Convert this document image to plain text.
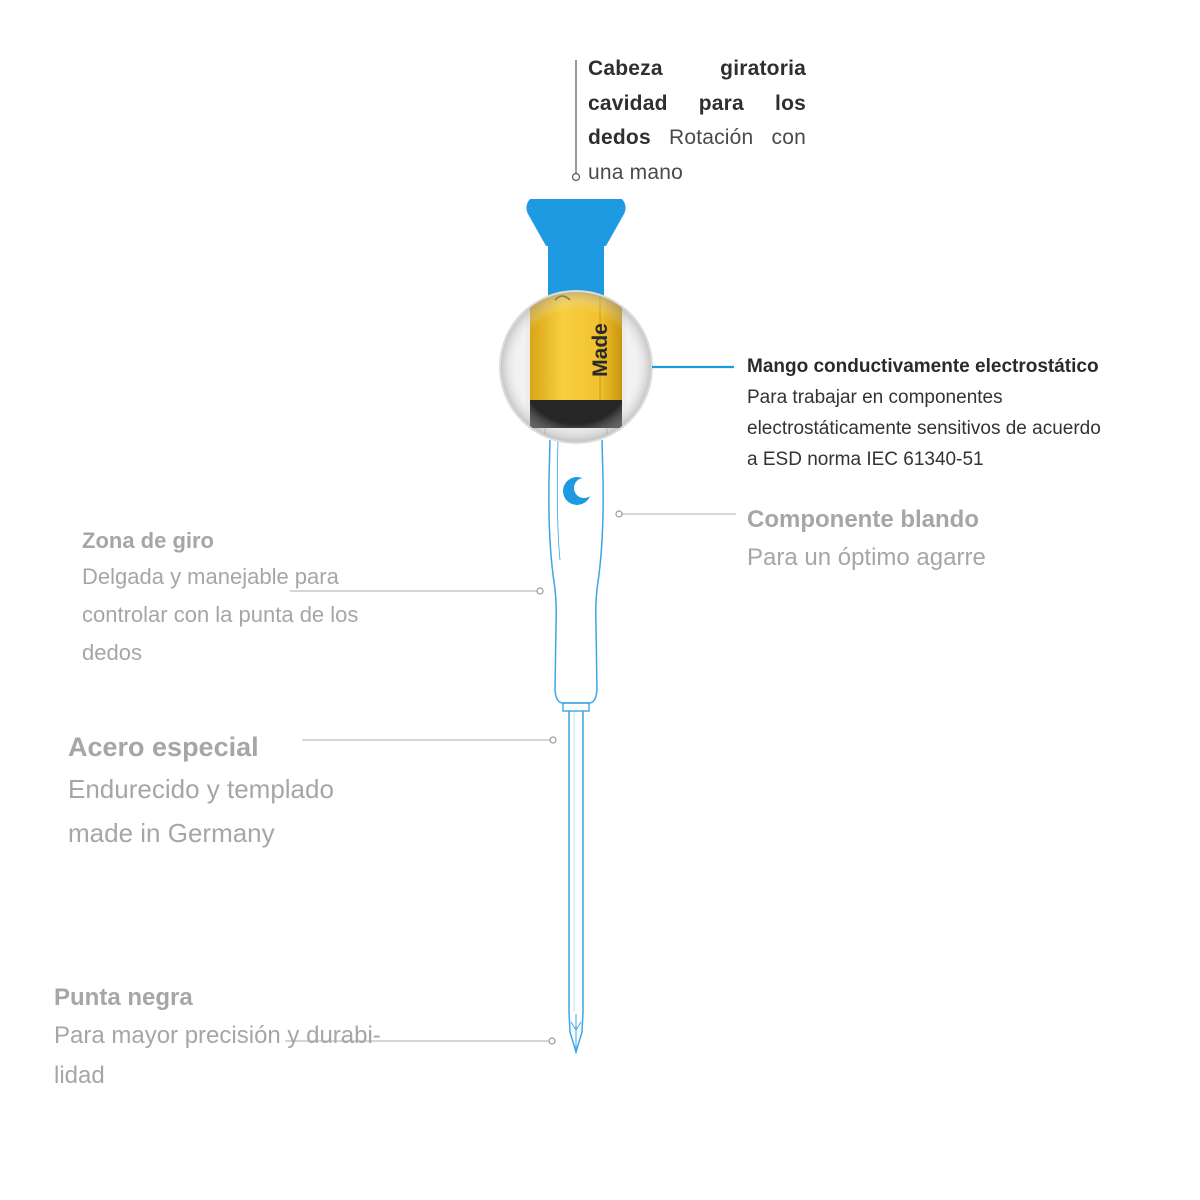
Made
Cabeza giratoria cavidad para los dedos Rotación con una mano
Mango conductivamente electrostático
Para trabajar en componentes electrostáticamente sensitivos de acuerdo a ESD norma IEC 61340-51
Componente blando
Para un óptimo agarre
Zona de giro
Delgada y manejable para controlar con la punta de los dedos
Acero especial
Endurecido y templado made in Germany
Punta negra
Para mayor precisión y durabi-lidad
